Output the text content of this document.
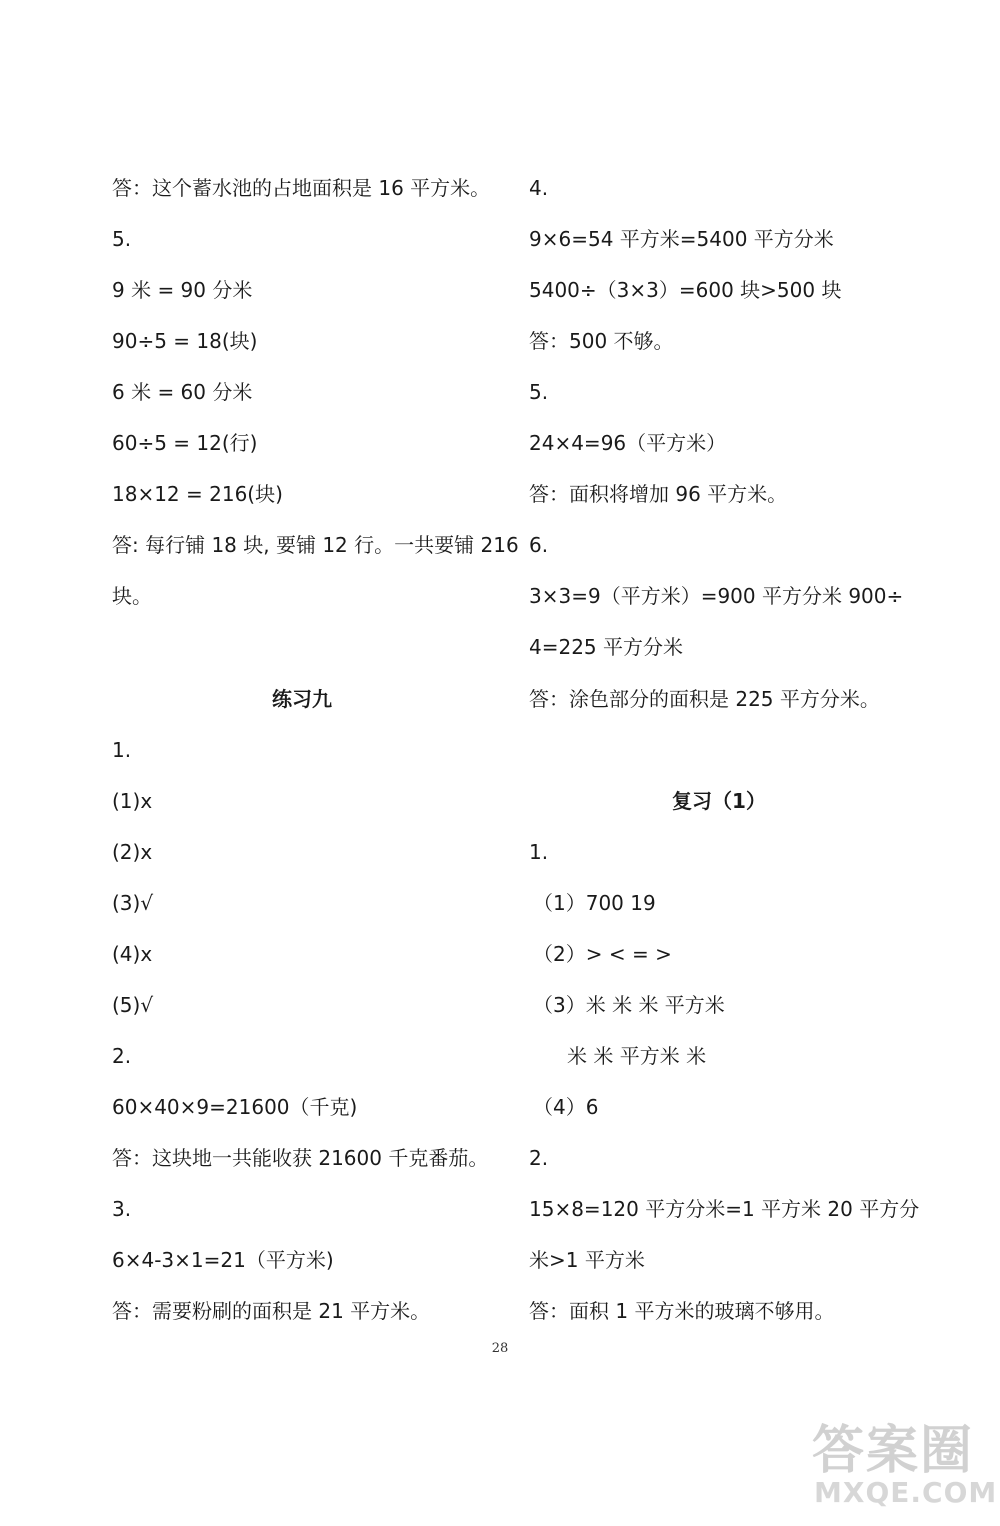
答：这个蓄水池的占地面积是 16 平方米。
5.
9 米 = 90 分米
90÷5 = 18(块)
6 米 = 60 分米
60÷5 = 12(行)
18×12 = 216(块)
答: 每行铺 18 块, 要铺 12 行。一共要铺 216
块。
练习九
1.
(1)x
(2)x
(3)√
(4)x
(5)√
2.
60×40×9=21600（千克)
答：这块地一共能收获 21600 千克番茄。
3.
6×4-3×1=21（平方米)
答：需要粉刷的面积是 21 平方米。
4.
9×6=54 平方米=5400 平方分米
5400÷（3×3）=600 块>500 块
答：500 不够。
5.
24×4=96（平方米）
答：面积将增加 96 平方米。
6.
3×3=9（平方米）=900 平方分米 900÷
4=225 平方分米
答：涂色部分的面积是 225 平方分米。
复习（1）
1.
（1）700 19
（2）> < = >
（3）米 米 米 平方米
米 米 平方米 米
（4）6
2.
15×8=120 平方分米=1 平方米 20 平方分
米>1 平方米
答：面积 1 平方米的玻璃不够用。
28
答案圈
MXQE.COM
